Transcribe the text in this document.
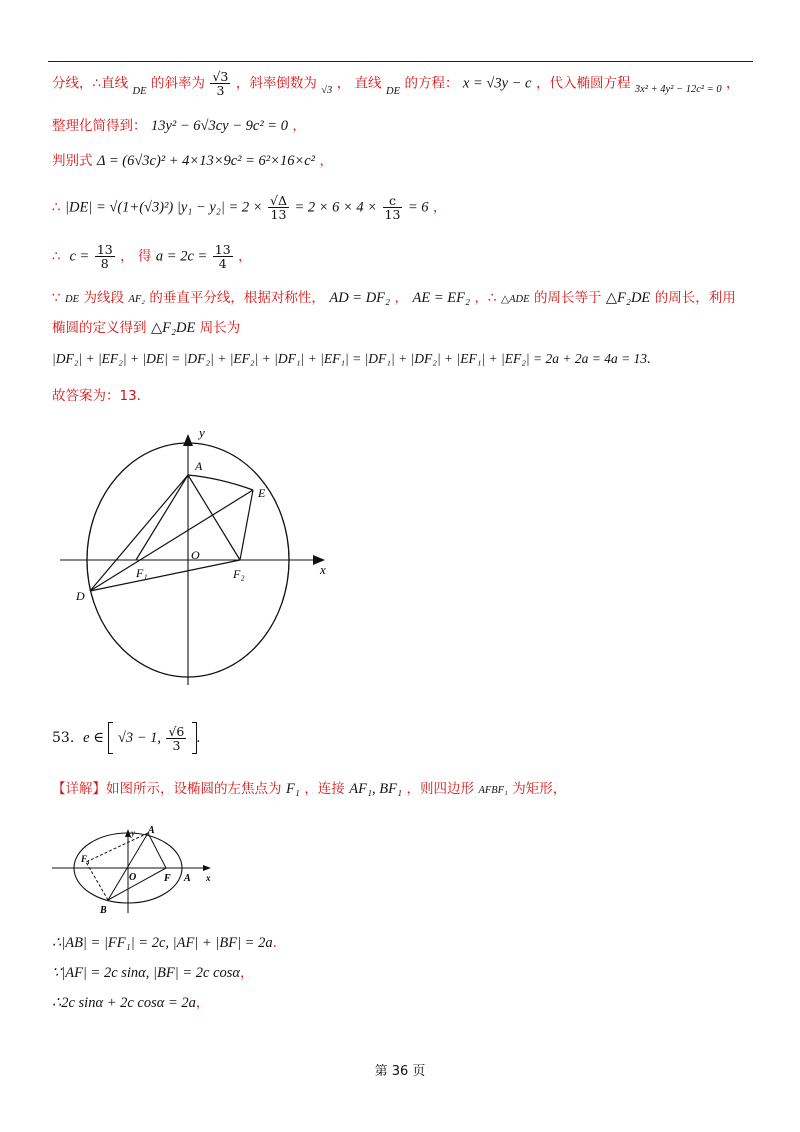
分线，∴直线 $_{DE}$ 的斜率为 $\frac{√3}{3}$ ，斜率倒数为 $_{√3}$ ， 直线 $_{DE}$ 的方程： x = √3y − c ，代入椭圆方程 $_{3x^2 + 4y^2 - 12c^2 = 0}$ ，
整理化简得到： 13y² − 6√3cy − 9c² = 0 ，
判别式 Δ = (6√3c)² + 4×13×9c² = 6²×16×c² ，
∴ |DE| = √(1+(√3)²) $|y_1 - y_2| = 2 \times \frac{√\Delta}{13} = 2 \times 6 \times 4 \times \frac{c}{13} = 6$ ，
∴ $c = \frac{13}{8}$ ， 得 $a = 2c = \frac{13}{4}$ ，
∵ DE 为线段 AF₂ 的垂直平分线，根据对称性， AD = DF₂ ， AE = EF₂ ，∴ △ADE 的周长等于 △F₂DE 的周长，利用
椭圆的定义得到 △F₂DE 周长为
|DF₂| + |EF₂| + |DE| = |DF₂| + |EF₂| + |DF₁| + |EF₁| = |DF₁| + |DF₂| + |EF₁| + |EF₂| = 2a + 2a = 4a = 13.
故答案为：13.
y
x
A
E
O
F₁	F₂
D
53. e ∈ √3 − 1, $\frac{√6}{3}$ .
【详解】如图所示，设椭圆的左焦点为 F₁ ，连接 AF₁, BF₁ ，则四边形 AFBF₁ 为矩形，
y
x
A
A
F
F₁
O
B
∴|AB| = |FF₁| = 2c, |AF| + |BF| = 2a.
∵|AF| = 2c sinα, |BF| = 2c cosα，
∴2c sinα + 2c cosα = 2a，
第 36 页
